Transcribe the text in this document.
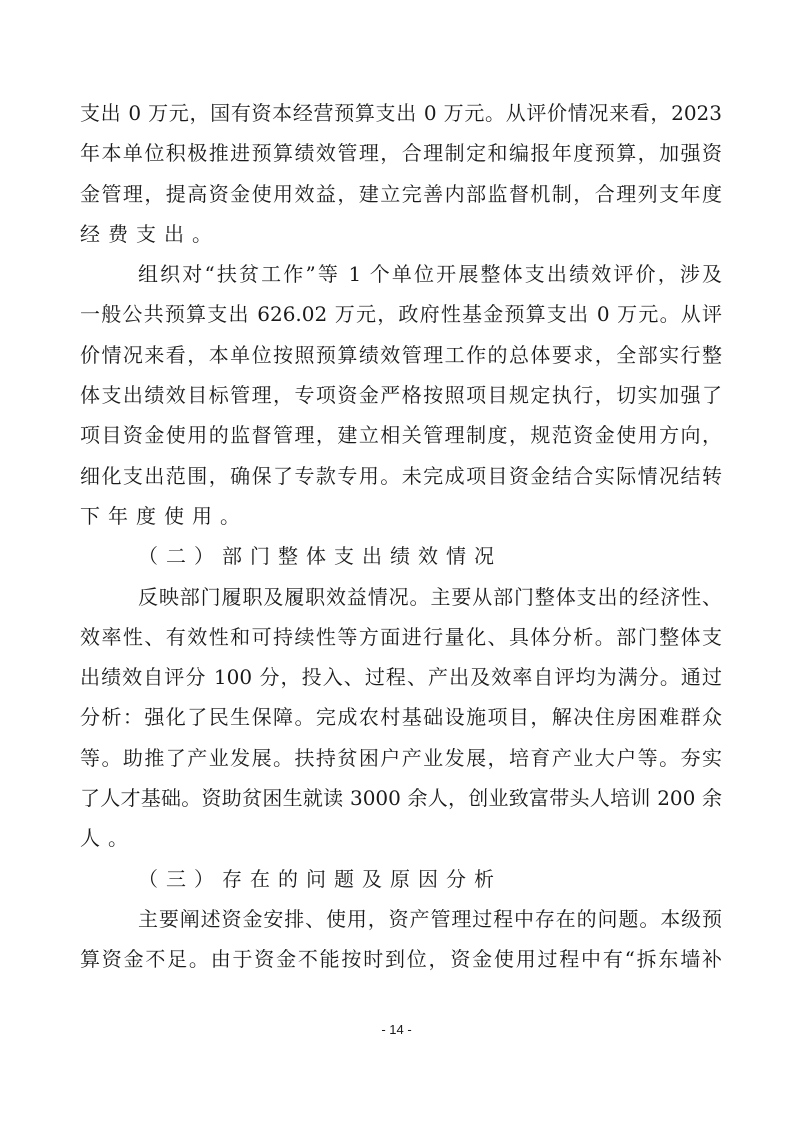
支出 0 万元，国有资本经营预算支出 0 万元。从评价情况来看，2023
年本单位积极推进预算绩效管理，合理制定和编报年度预算，加强资
金管理，提高资金使用效益，建立完善内部监督机制，合理列支年度
经费支出。
组织对“扶贫工作”等 1 个单位开展整体支出绩效评价，涉及
一般公共预算支出 626.02 万元，政府性基金预算支出 0 万元。从评
价情况来看，本单位按照预算绩效管理工作的总体要求，全部实行整
体支出绩效目标管理，专项资金严格按照项目规定执行，切实加强了
项目资金使用的监督管理，建立相关管理制度，规范资金使用方向，
细化支出范围，确保了专款专用。未完成项目资金结合实际情况结转
下年度使用。
（二）部门整体支出绩效情况
反映部门履职及履职效益情况。主要从部门整体支出的经济性、
效率性、有效性和可持续性等方面进行量化、具体分析。部门整体支
出绩效自评分 100 分，投入、过程、产出及效率自评均为满分。通过
分析：强化了民生保障。完成农村基础设施项目，解决住房困难群众
等。助推了产业发展。扶持贫困户产业发展，培育产业大户等。夯实
了人才基础。资助贫困生就读 3000 余人，创业致富带头人培训 200 余
人。
（三）存在的问题及原因分析
主要阐述资金安排、使用，资产管理过程中存在的问题。本级预
算资金不足。由于资金不能按时到位，资金使用过程中有“拆东墙补
- 14 -
